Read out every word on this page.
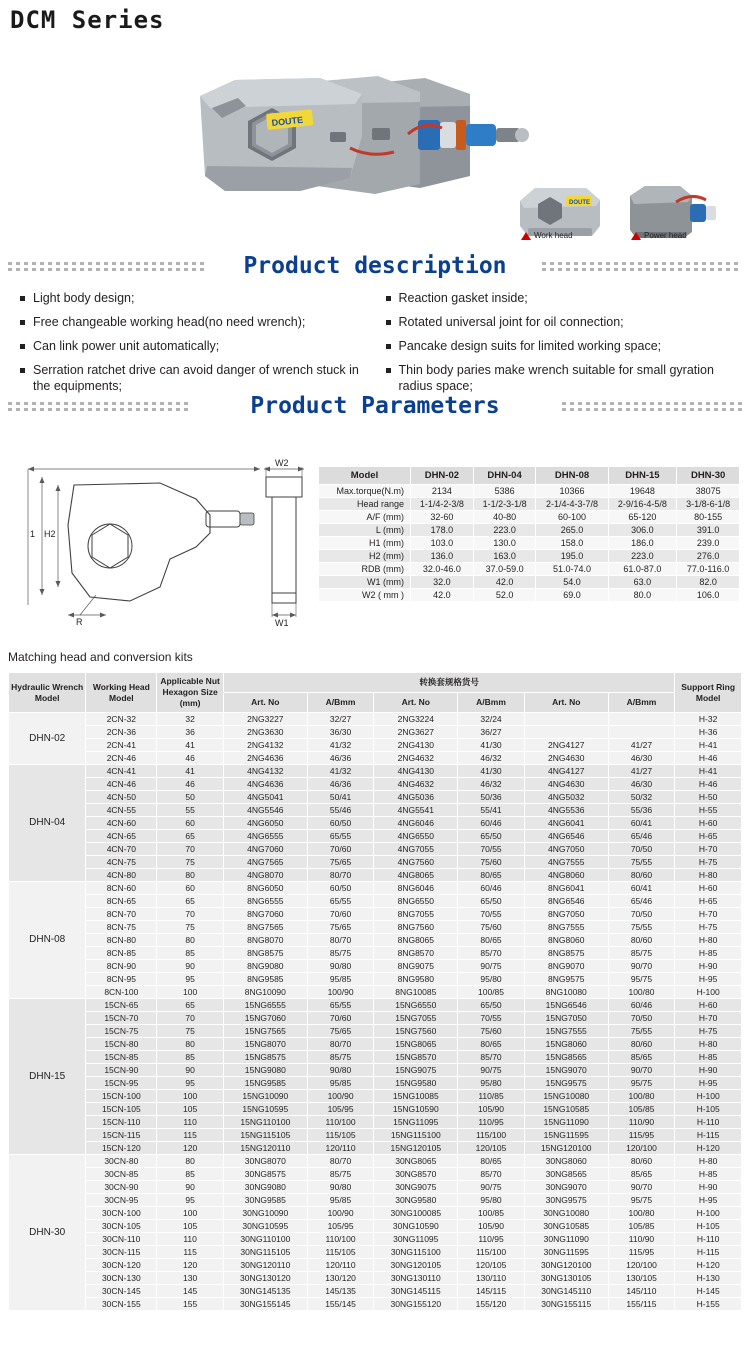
DCM Series
DOUTE
DOUTE
Work head	Power head
Product description
Light body design;
Free changeable working head(no need wrench);
Can link power unit automatically;
Serration ratchet drive can avoid danger of wrench stuck in the equipments;
Reaction gasket inside;
Rotated universal joint for oil connection;
Pancake design suits for limited working space;
Thin body paries make wrench suitable for small gyration radius space;
Product Parameters
H2
1
R
W2
W1
Model	DHN-02	DHN-04	DHN-08	DHN-15	DHN-30
Max.torque(N.m)	2134	5386	10366	19648	38075
Head range	1-1/4-2-3/8	1-1/2-3-1/8	2-1/4-4-3-7/8	2-9/16-4-5/8	3-1/8-6-1/8
A/F (mm)	32-60	40-80	60-100	65-120	80-155
L (mm)	178.0	223.0	265.0	306.0	391.0
H1 (mm)	103.0	130.0	158.0	186.0	239.0
H2 (mm)	136.0	163.0	195.0	223.0	276.0
RDB (mm)	32.0-46.0	37.0-59.0	51.0-74.0	61.0-87.0	77.0-116.0
W1 (mm)	32.0	42.0	54.0	63.0	82.0
W2 ( mm )	42.0	52.0	69.0	80.0	106.0
Matching head and conversion kits
Hydraulic Wrench Model	Working Head Model	Applicable Nut Hexagon Size (mm)	转换套规格货号						Support Ring Model
			Art. No	A/Bmm	Art. No	A/Bmm	Art. No	A/Bmm	
DHN-02	2CN-32	32	2NG3227	32/27	2NG3224	32/24			H-32
	2CN-36	36	2NG3630	36/30	2NG3627	36/27			H-36
	2CN-41	41	2NG4132	41/32	2NG4130	41/30	2NG4127	41/27	H-41
	2CN-46	46	2NG4636	46/36	2NG4632	46/32	2NG4630	46/30	H-46
DHN-04	4CN-41	41	4NG4132	41/32	4NG4130	41/30	4NG4127	41/27	H-41
	4CN-46	46	4NG4636	46/36	4NG4632	46/32	4NG4630	46/30	H-46
	4CN-50	50	4NG5041	50/41	4NG5036	50/36	4NG5032	50/32	H-50
	4CN-55	55	4NG5546	55/46	4NG5541	55/41	4NG5536	55/36	H-55
	4CN-60	60	4NG6050	60/50	4NG6046	60/46	4NG6041	60/41	H-60
	4CN-65	65	4NG6555	65/55	4NG6550	65/50	4NG6546	65/46	H-65
	4CN-70	70	4NG7060	70/60	4NG7055	70/55	4NG7050	70/50	H-70
	4CN-75	75	4NG7565	75/65	4NG7560	75/60	4NG7555	75/55	H-75
	4CN-80	80	4NG8070	80/70	4NG8065	80/65	4NG8060	80/60	H-80
DHN-08	8CN-60	60	8NG6050	60/50	8NG6046	60/46	8NG6041	60/41	H-60
	8CN-65	65	8NG6555	65/55	8NG6550	65/50	8NG6546	65/46	H-65
	8CN-70	70	8NG7060	70/60	8NG7055	70/55	8NG7050	70/50	H-70
	8CN-75	75	8NG7565	75/65	8NG7560	75/60	8NG7555	75/55	H-75
	8CN-80	80	8NG8070	80/70	8NG8065	80/65	8NG8060	80/60	H-80
	8CN-85	85	8NG8575	85/75	8NG8570	85/70	8NG8575	85/75	H-85
	8CN-90	90	8NG9080	90/80	8NG9075	90/75	8NG9070	90/70	H-90
	8CN-95	95	8NG9585	95/85	8NG9580	95/80	8NG9575	95/75	H-95
	8CN-100	100	8NG10090	100/90	8NG10085	100/85	8NG10080	100/80	H-100
DHN-15	15CN-65	65	15NG6555	65/55	15NG6550	65/50	15NG6546	60/46	H-60
	15CN-70	70	15NG7060	70/60	15NG7055	70/55	15NG7050	70/50	H-70
	15CN-75	75	15NG7565	75/65	15NG7560	75/60	15NG7555	75/55	H-75
	15CN-80	80	15NG8070	80/70	15NG8065	80/65	15NG8060	80/60	H-80
	15CN-85	85	15NG8575	85/75	15NG8570	85/70	15NG8565	85/65	H-85
	15CN-90	90	15NG9080	90/80	15NG9075	90/75	15NG9070	90/70	H-90
	15CN-95	95	15NG9585	95/85	15NG9580	95/80	15NG9575	95/75	H-95
	15CN-100	100	15NG10090	100/90	15NG10085	110/85	15NG10080	100/80	H-100
	15CN-105	105	15NG10595	105/95	15NG10590	105/90	15NG10585	105/85	H-105
	15CN-110	110	15NG110100	110/100	15NG11095	110/95	15NG11090	110/90	H-110
	15CN-115	115	15NG115105	115/105	15NG115100	115/100	15NG11595	115/95	H-115
	15CN-120	120	15NG120110	120/110	15NG120105	120/105	15NG120100	120/100	H-120
DHN-30	30CN-80	80	30NG8070	80/70	30NG8065	80/65	30NG8060	80/60	H-80
	30CN-85	85	30NG8575	85/75	30NG8570	85/70	30NG8565	85/65	H-85
	30CN-90	90	30NG9080	90/80	30NG9075	90/75	30NG9070	90/70	H-90
	30CN-95	95	30NG9585	95/85	30NG9580	95/80	30NG9575	95/75	H-95
	30CN-100	100	30NG10090	100/90	30NG100085	100/85	30NG10080	100/80	H-100
	30CN-105	105	30NG10595	105/95	30NG10590	105/90	30NG10585	105/85	H-105
	30CN-110	110	30NG110100	110/100	30NG11095	110/95	30NG11090	110/90	H-110
	30CN-115	115	30NG115105	115/105	30NG115100	115/100	30NG11595	115/95	H-115
	30CN-120	120	30NG120110	120/110	30NG120105	120/105	30NG120100	120/100	H-120
	30CN-130	130	30NG130120	130/120	30NG130110	130/110	30NG130105	130/105	H-130
	30CN-145	145	30NG145135	145/135	30NG145115	145/115	30NG145110	145/110	H-145
	30CN-155	155	30NG155145	155/145	30NG155120	155/120	30NG155115	155/115	H-155
